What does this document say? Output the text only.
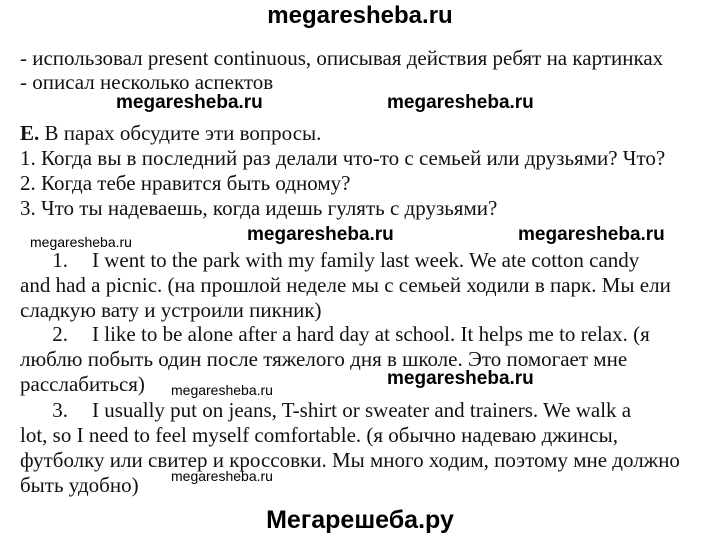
megaresheba.ru
- использовал present continuous, описывая действия ребят на картинках
- описал несколько аспектов
megaresheba.ru	megaresheba.ru
E. В парах обсудите эти вопросы.
1. Когда вы в последний раз делали что-то с семьей или друзьями? Что?
2. Когда тебе нравится быть одному?
3. Что ты надеваешь, когда идешь гулять с друзьями?
megaresheba.ru	megaresheba.ru	megaresheba.ru
1. I went to the park with my family last week. We ate cotton candy
and had a picnic. (на прошлой неделе мы с семьей ходили в парк. Мы ели
сладкую вату и устроили пикник)
2. I like to be alone after a hard day at school. It helps me to relax. (я
люблю побыть один после тяжелого дня в школе. Это помогает мне
расслабиться) megaresheba.ru
megaresheba.ru
3. I usually put on jeans, T-shirt or sweater and trainers. We walk a
lot, so I need to feel myself comfortable. (я обычно надеваю джинсы,
футболку или свитер и кроссовки. Мы много ходим, поэтому мне должно
быть удобно) megaresheba.ru
Мегарешеба.ру
